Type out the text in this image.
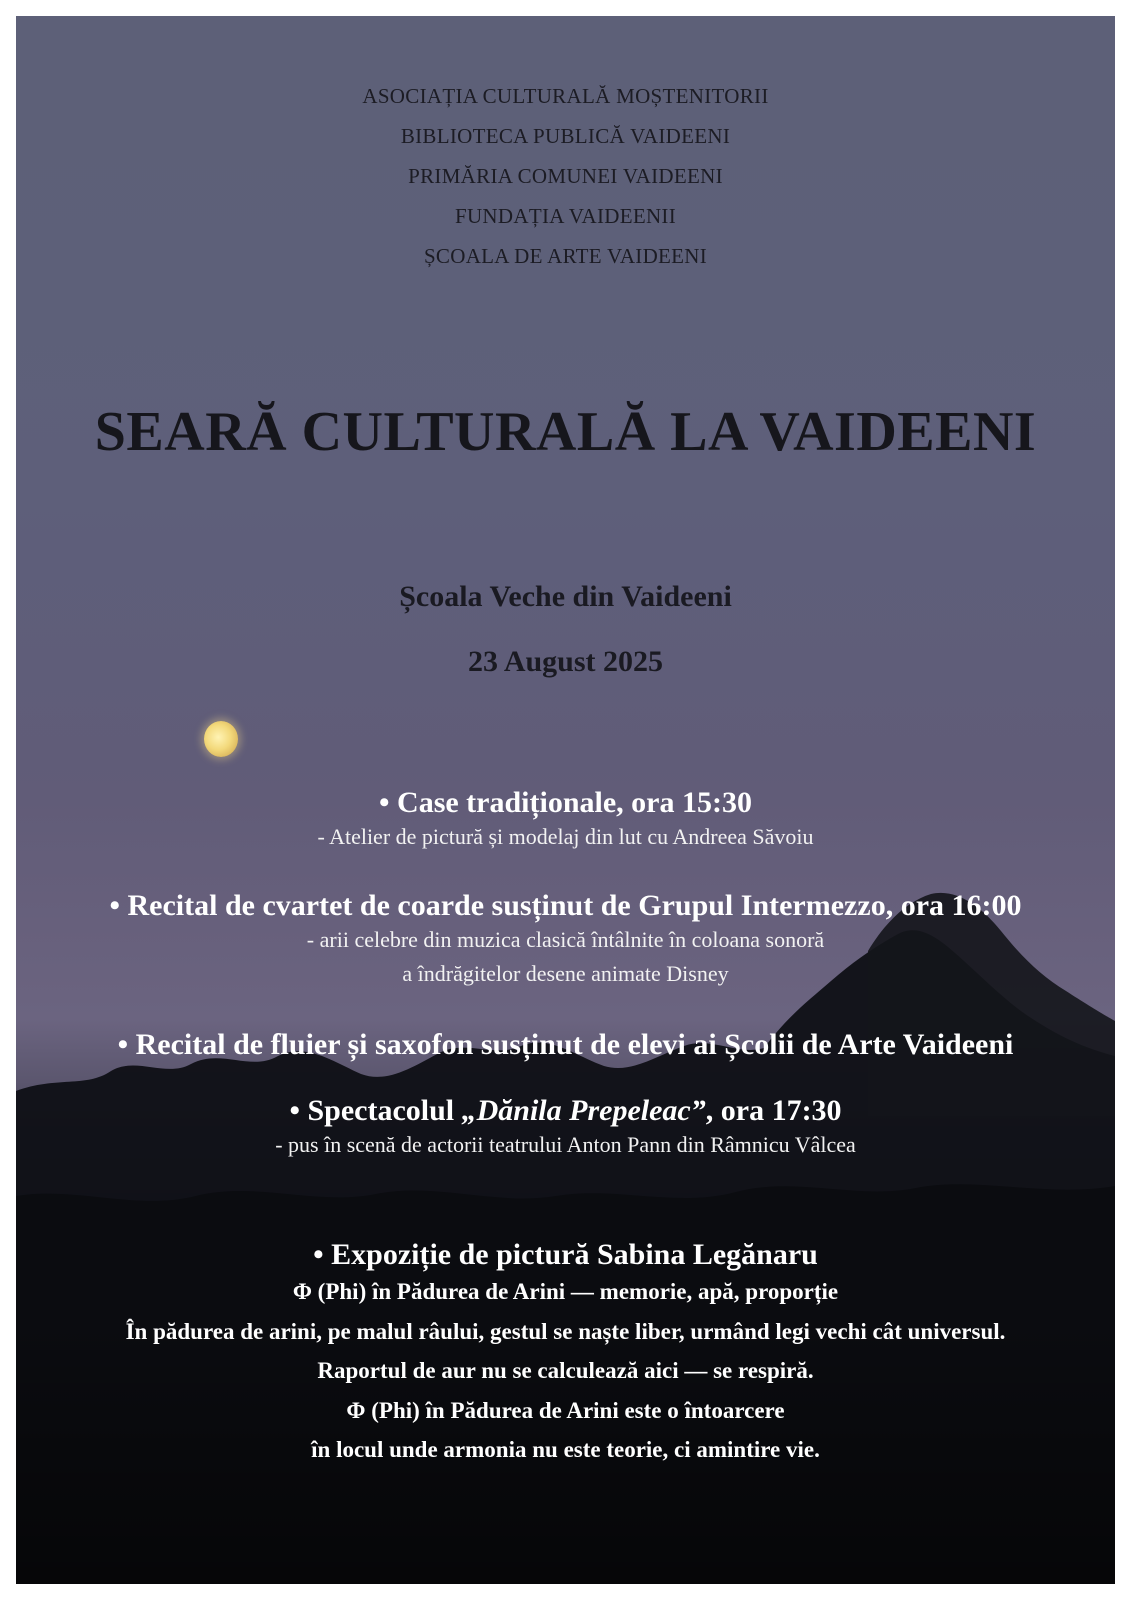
ASOCIAȚIA CULTURALĂ MOȘTENITORII
BIBLIOTECA PUBLICĂ VAIDEENI
PRIMĂRIA COMUNEI VAIDEENI
FUNDAȚIA VAIDEENII
ȘCOALA DE ARTE VAIDEENI
SEARĂ CULTURALĂ LA VAIDEENI
Școala Veche din Vaideeni
23 August 2025
• Case tradiționale, ora 15:30
- Atelier de pictură și modelaj din lut cu Andreea Săvoiu
• Recital de cvartet de coarde susținut de Grupul Intermezzo, ora 16:00
- arii celebre din muzica clasică întâlnite în coloana sonoră
a îndrăgitelor desene animate Disney
• Recital de fluier și saxofon susținut de elevi ai Școlii de Arte Vaideeni
• Spectacolul „Dănila Prepeleac”, ora 17:30
- pus în scenă de actorii teatrului Anton Pann din Râmnicu Vâlcea
• Expoziție de pictură Sabina Legănaru
Φ (Phi) în Pădurea de Arini — memorie, apă, proporție
În pădurea de arini, pe malul râului, gestul se naște liber, urmând legi vechi cât universul.
Raportul de aur nu se calculează aici — se respiră.
Φ (Phi) în Pădurea de Arini este o întoarcere
în locul unde armonia nu este teorie, ci amintire vie.
